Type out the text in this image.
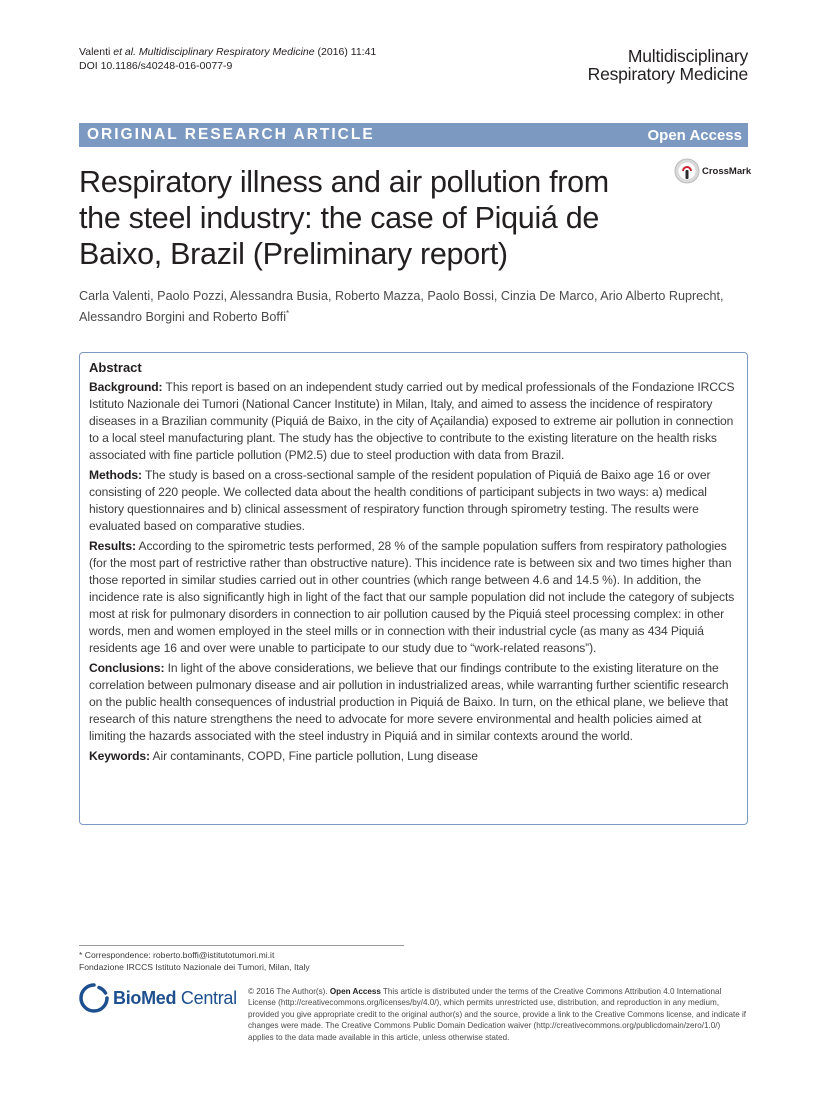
Valenti et al. Multidisciplinary Respiratory Medicine (2016) 11:41
DOI 10.1186/s40248-016-0077-9	Multidisciplinary
Respiratory Medicine
ORIGINAL RESEARCH ARTICLE	Open Access
Respiratory illness and air pollution from the steel industry: the case of Piquiá de Baixo, Brazil (Preliminary report)
CrossMark
Carla Valenti, Paolo Pozzi, Alessandra Busia, Roberto Mazza, Paolo Bossi, Cinzia De Marco, Ario Alberto Ruprecht, Alessandro Borgini and Roberto Boffi*
Abstract

Background: This report is based on an independent study carried out by medical professionals of the Fondazione IRCCS Istituto Nazionale dei Tumori (National Cancer Institute) in Milan, Italy, and aimed to assess the incidence of respiratory diseases in a Brazilian community (Piquiá de Baixo, in the city of Açailandia) exposed to extreme air pollution in connection to a local steel manufacturing plant. The study has the objective to contribute to the existing literature on the health risks associated with fine particle pollution (PM2.5) due to steel production with data from Brazil.

Methods: The study is based on a cross-sectional sample of the resident population of Piquiá de Baixo age 16 or over consisting of 220 people. We collected data about the health conditions of participant subjects in two ways: a) medical history questionnaires and b) clinical assessment of respiratory function through spirometry testing. The results were evaluated based on comparative studies.

Results: According to the spirometric tests performed, 28 % of the sample population suffers from respiratory pathologies (for the most part of restrictive rather than obstructive nature). This incidence rate is between six and two times higher than those reported in similar studies carried out in other countries (which range between 4.6 and 14.5 %). In addition, the incidence rate is also significantly high in light of the fact that our sample population did not include the category of subjects most at risk for pulmonary disorders in connection to air pollution caused by the Piquiá steel processing complex: in other words, men and women employed in the steel mills or in connection with their industrial cycle (as many as 434 Piquiá residents age 16 and over were unable to participate to our study due to “work-related reasons”).

Conclusions: In light of the above considerations, we believe that our findings contribute to the existing literature on the correlation between pulmonary disease and air pollution in industrialized areas, while warranting further scientific research on the public health consequences of industrial production in Piquiá de Baixo. In turn, on the ethical plane, we believe that research of this nature strengthens the need to advocate for more severe environmental and health policies aimed at limiting the hazards associated with the steel industry in Piquiá and in similar contexts around the world.

Keywords: Air contaminants, COPD, Fine particle pollution, Lung disease

* Correspondence: roberto.boffi@istitutotumori.mi.it
Fondazione IRCCS Istituto Nazionale dei Tumori, Milan, Italy
BioMed Central © 2016 The Author(s). Open Access This article is distributed under the terms of the Creative Commons Attribution 4.0 International License (http://creativecommons.org/licenses/by/4.0/), which permits unrestricted use, distribution, and reproduction in any medium, provided you give appropriate credit to the original author(s) and the source, provide a link to the Creative Commons license, and indicate if changes were made. The Creative Commons Public Domain Dedication waiver (http://creativecommons.org/publicdomain/zero/1.0/) applies to the data made available in this article, unless otherwise stated.
